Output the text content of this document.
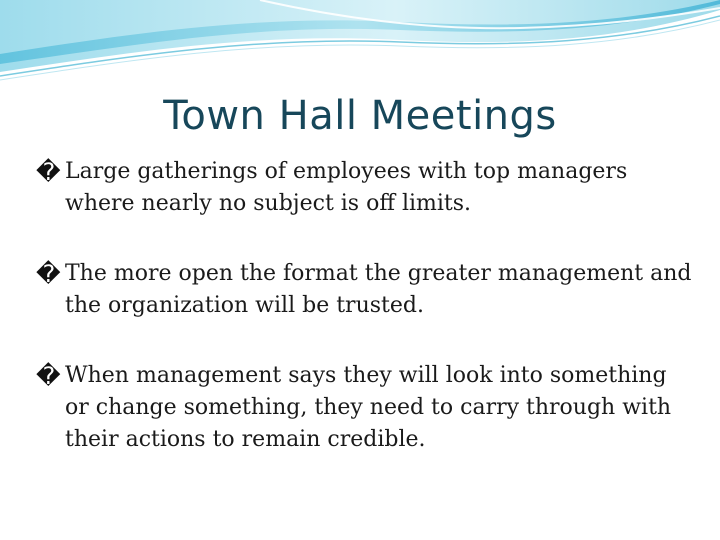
Town Hall Meetings
� Large gatherings of employees with top managers where nearly no subject is off limits.
� The more open the format the greater management and the organization will be trusted.
� When management says they will look into something or change something, they need to carry through with their actions to remain credible.
